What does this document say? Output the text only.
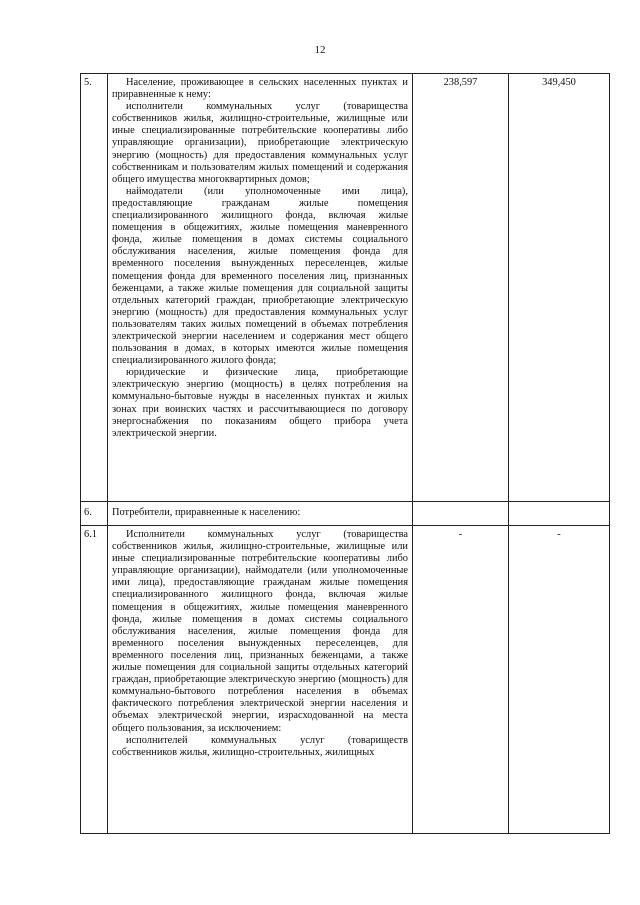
12
5.	Население, проживающее в сельских населенных пунктах и приравненные к нему:

исполнители коммунальных услуг (товарищества собственников жилья, жилищно-строительные, жилищные или иные специализированные потребительские кооперативы либо управляющие организации), приобретающие электрическую энергию (мощность) для предоставления коммунальных услуг собственникам и пользователям жилых помещений и содержания общего имущества многоквартирных домов;

наймодатели (или уполномоченные ими лица), предоставляющие гражданам жилые помещения специализированного жилищного фонда, включая жилые помещения в общежитиях, жилые помещения маневренного фонда, жилые помещения в домах системы социального обслуживания населения, жилые помещения фонда для временного поселения вынужденных переселенцев, жилые помещения фонда для временного поселения лиц, признанных беженцами, а также жилые помещения для социальной защиты отдельных категорий граждан, приобретающие электрическую энергию (мощность) для предоставления коммунальных услуг пользователям таких жилых помещений в объемах потребления электрической энергии населением и содержания мест общего пользования в домах, в которых имеются жилые помещения специализированного жилого фонда;

юридические и физические лица, приобретающие электрическую энергию (мощность) в целях потребления на коммунально-бытовые нужды в населенных пунктах и жилых зонах при воинских частях и рассчитывающиеся по договору энергоснабжения по показаниям общего прибора учета электрической энергии.	238,597	349,450
6.	Потребители, приравненные к населению:		

6.1	Исполнители коммунальных услуг (товарищества собственников жилья, жилищно-строительные, жилищные или иные специализированные потребительские кооперативы либо управляющие организации), наймодатели (или уполномоченные ими лица), предоставляющие гражданам жилые помещения специализированного жилищного фонда, включая жилые помещения в общежитиях, жилые помещения маневренного фонда, жилые помещения в домах системы социального обслуживания населения, жилые помещения фонда для временного поселения вынужденных переселенцев, для временного поселения лиц, признанных беженцами, а также жилые помещения для социальной защиты отдельных категорий граждан, приобретающие электрическую энергию (мощность) для коммунально-бытового потребления населения в объемах фактического потребления электрической энергии населения и объемах электрической энергии, израсходованной на места общего пользования, за исключением:

исполнителей коммунальных услуг (товариществ собственников жилья, жилищно-строительных, жилищных	-	-
